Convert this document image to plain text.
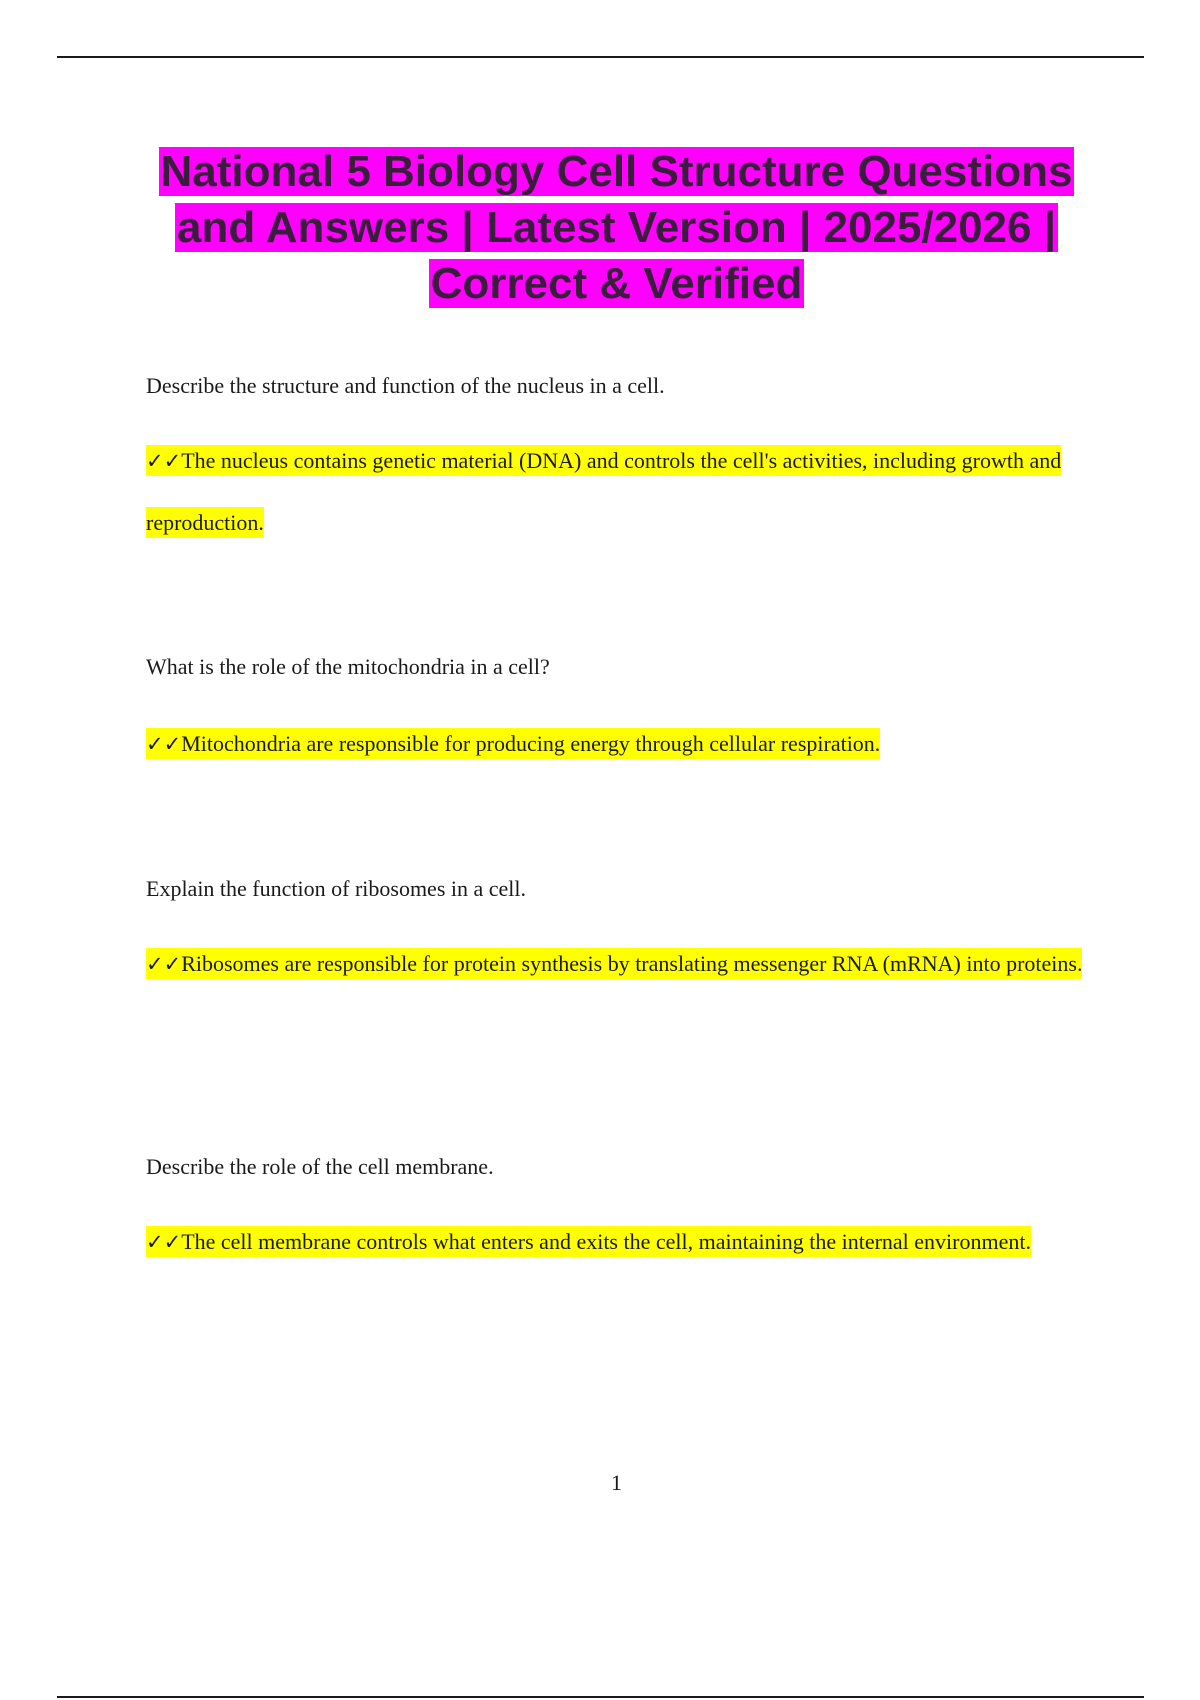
National 5 Biology Cell Structure Questions and Answers | Latest Version | 2025/2026 | Correct & Verified

Describe the structure and function of the nucleus in a cell.

✓✓The nucleus contains genetic material (DNA) and controls the cell's activities, including growth and reproduction.

What is the role of the mitochondria in a cell?

✓✓Mitochondria are responsible for producing energy through cellular respiration.

Explain the function of ribosomes in a cell.

✓✓Ribosomes are responsible for protein synthesis by translating messenger RNA (mRNA) into proteins.

Describe the role of the cell membrane.

✓✓The cell membrane controls what enters and exits the cell, maintaining the internal environment.

1
